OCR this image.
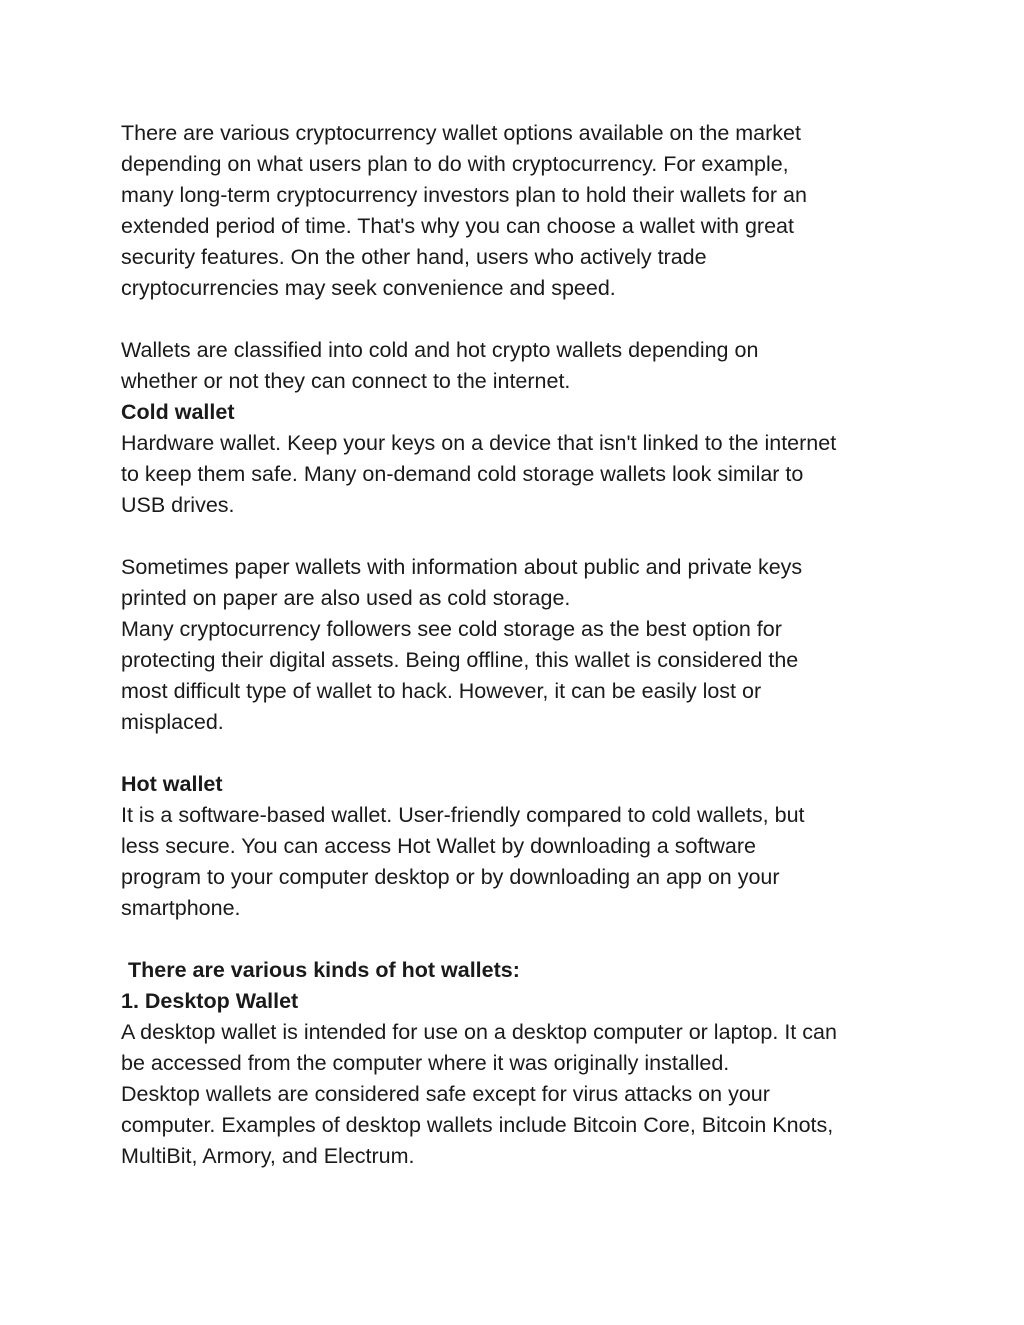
There are various cryptocurrency wallet options available on the market
depending on what users plan to do with cryptocurrency. For example,
many long-term cryptocurrency investors plan to hold their wallets for an
extended period of time. That's why you can choose a wallet with great
security features. On the other hand, users who actively trade
cryptocurrencies may seek convenience and speed.
Wallets are classified into cold and hot crypto wallets depending on
whether or not they can connect to the internet.
Cold wallet
Hardware wallet. Keep your keys on a device that isn't linked to the internet
to keep them safe. Many on-demand cold storage wallets look similar to
USB drives.
Sometimes paper wallets with information about public and private keys
printed on paper are also used as cold storage.
Many cryptocurrency followers see cold storage as the best option for
protecting their digital assets. Being offline, this wallet is considered the
most difficult type of wallet to hack. However, it can be easily lost or
misplaced.
Hot wallet
It is a software-based wallet. User-friendly compared to cold wallets, but
less secure. You can access Hot Wallet by downloading a software
program to your computer desktop or by downloading an app on your
smartphone.
There are various kinds of hot wallets:
1. Desktop Wallet
A desktop wallet is intended for use on a desktop computer or laptop. It can
be accessed from the computer where it was originally installed.
Desktop wallets are considered safe except for virus attacks on your
computer. Examples of desktop wallets include Bitcoin Core, Bitcoin Knots,
MultiBit, Armory, and Electrum.
